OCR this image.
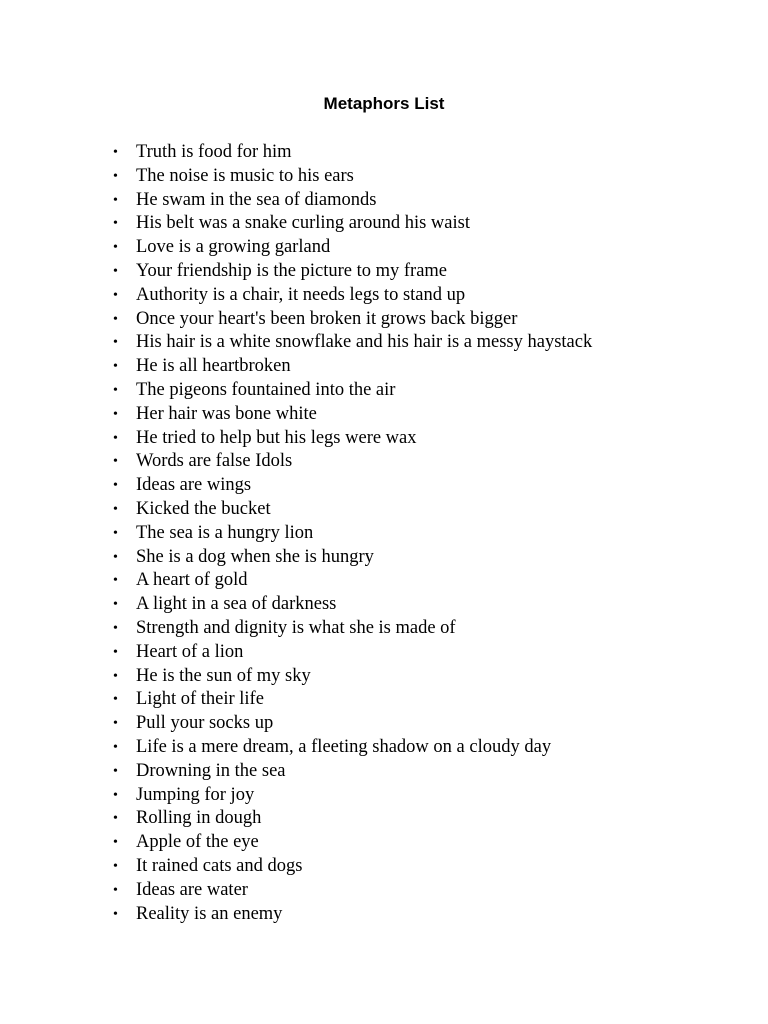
Metaphors List
• Truth is food for him
• The noise is music to his ears
• He swam in the sea of diamonds
• His belt was a snake curling around his waist
• Love is a growing garland
• Your friendship is the picture to my frame
• Authority is a chair, it needs legs to stand up
• Once your heart's been broken it grows back bigger
• His hair is a white snowflake and his hair is a messy haystack
• He is all heartbroken
• The pigeons fountained into the air
• Her hair was bone white
• He tried to help but his legs were wax
• Words are false Idols
• Ideas are wings
• Kicked the bucket
• The sea is a hungry lion
• She is a dog when she is hungry
• A heart of gold
• A light in a sea of darkness
• Strength and dignity is what she is made of
• Heart of a lion
• He is the sun of my sky
• Light of their life
• Pull your socks up
• Life is a mere dream, a fleeting shadow on a cloudy day
• Drowning in the sea
• Jumping for joy
• Rolling in dough
• Apple of the eye
• It rained cats and dogs
• Ideas are water
• Reality is an enemy
